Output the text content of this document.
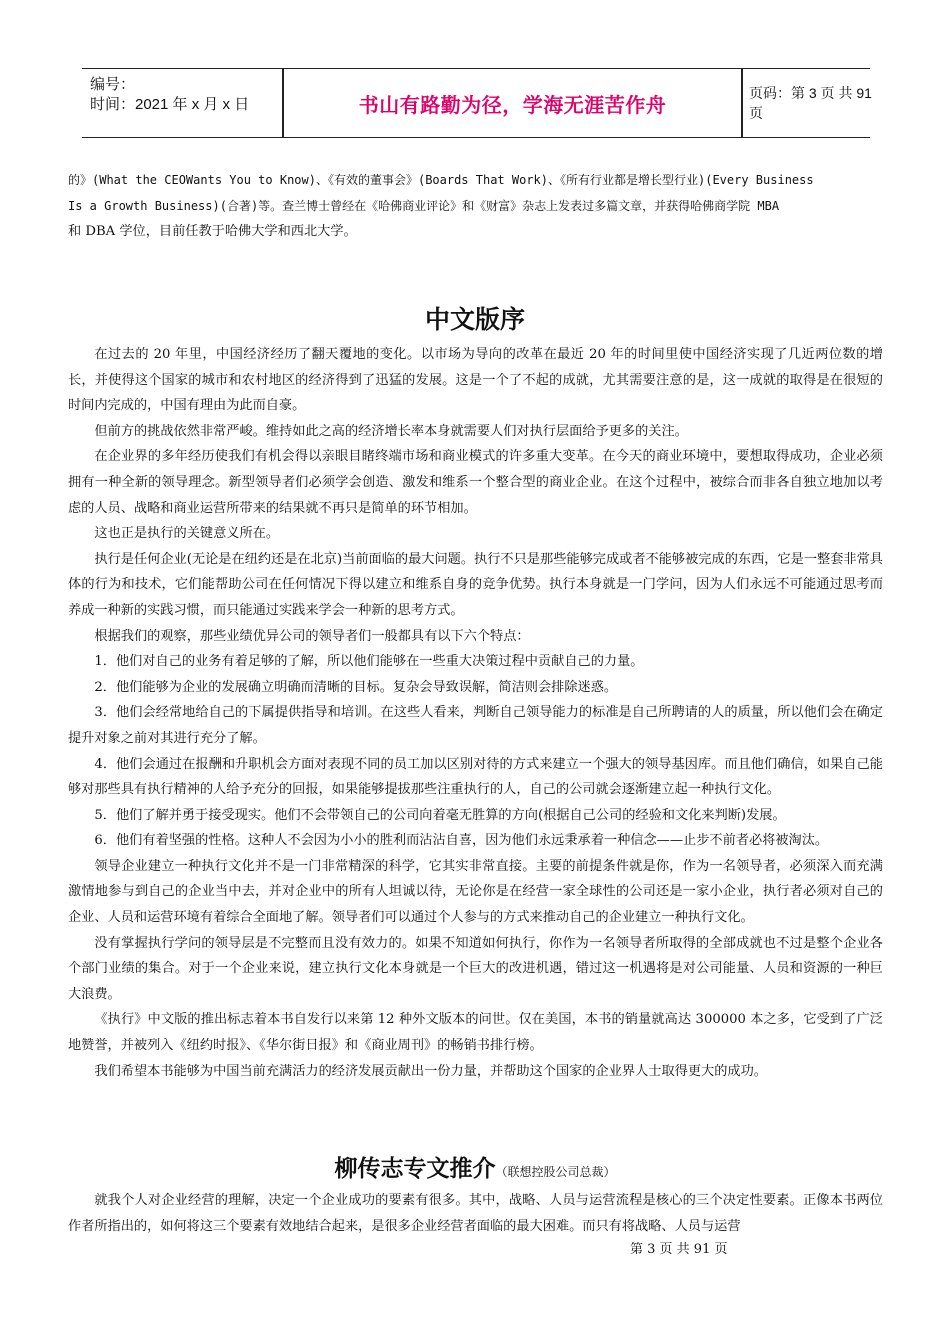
编号：
时间：2021 年 x 月 x 日	书山有路勤为径，学海无涯苦作舟
页码：第 3 页 共 91 页

的》(What the CEOWants You to Know)、《有效的董事会》(Boards That Work)、《所有行业都是增长型行业)(Every Business

Is a Growth Business)(合著)等。查兰博士曾经在《哈佛商业评论》和《财富》杂志上发表过多篇文章，并获得哈佛商学院 MBA

和 DBA 学位，目前任教于哈佛大学和西北大学。

中文版序

在过去的 20 年里，中国经济经历了翻天覆地的变化。以市场为导向的改革在最近 20 年的时间里使中国经济实现了几近两位数的增长，并使得这个国家的城市和农村地区的经济得到了迅猛的发展。这是一个了不起的成就，尤其需要注意的是，这一成就的取得是在很短的时间内完成的，中国有理由为此而自豪。

但前方的挑战依然非常严峻。维持如此之高的经济增长率本身就需要人们对执行层面给予更多的关注。

在企业界的多年经历使我们有机会得以亲眼目睹终端市场和商业模式的许多重大变革。在今天的商业环境中，要想取得成功，企业必须拥有一种全新的领导理念。新型领导者们必须学会创造、激发和维系一个整合型的商业企业。在这个过程中，被综合而非各自独立地加以考虑的人员、战略和商业运营所带来的结果就不再只是简单的环节相加。

这也正是执行的关键意义所在。

执行是任何企业(无论是在纽约还是在北京)当前面临的最大问题。执行不只是那些能够完成或者不能够被完成的东西，它是一整套非常具体的行为和技术，它们能帮助公司在任何情况下得以建立和维系自身的竞争优势。执行本身就是一门学问，因为人们永远不可能通过思考而养成一种新的实践习惯，而只能通过实践来学会一种新的思考方式。

根据我们的观察，那些业绩优异公司的领导者们一般都具有以下六个特点：

1．他们对自己的业务有着足够的了解，所以他们能够在一些重大决策过程中贡献自己的力量。

2．他们能够为企业的发展确立明确而清晰的目标。复杂会导致误解，简洁则会排除迷惑。

3．他们会经常地给自己的下属提供指导和培训。在这些人看来，判断自己领导能力的标准是自己所聘请的人的质量，所以他们会在确定提升对象之前对其进行充分了解。

4．他们会通过在报酬和升职机会方面对表现不同的员工加以区别对待的方式来建立一个强大的领导基因库。而且他们确信，如果自己能够对那些具有执行精神的人给予充分的回报，如果能够提拔那些注重执行的人，自己的公司就会逐渐建立起一种执行文化。

5．他们了解并勇于接受现实。他们不会带领自己的公司向着毫无胜算的方向(根据自己公司的经验和文化来判断)发展。

6．他们有着坚强的性格。这种人不会因为小小的胜利而沾沾自喜，因为他们永远秉承着一种信念——止步不前者必将被淘汰。

领导企业建立一种执行文化并不是一门非常精深的科学，它其实非常直接。主要的前提条件就是你，作为一名领导者，必须深入而充满激情地参与到自己的企业当中去，并对企业中的所有人坦诚以待，无论你是在经营一家全球性的公司还是一家小企业，执行者必须对自己的企业、人员和运营环境有着综合全面地了解。领导者们可以通过个人参与的方式来推动自己的企业建立一种执行文化。

没有掌握执行学问的领导层是不完整而且没有效力的。如果不知道如何执行，你作为一名领导者所取得的全部成就也不过是整个企业各个部门业绩的集合。对于一个企业来说，建立执行文化本身就是一个巨大的改进机遇，错过这一机遇将是对公司能量、人员和资源的一种巨大浪费。

《执行》中文版的推出标志着本书自发行以来第 12 种外文版本的问世。仅在美国，本书的销量就高达 300000 本之多，它受到了广泛地赞誉，并被列入《纽约时报》、《华尔街日报》和《商业周刊》的畅销书排行榜。

我们希望本书能够为中国当前充满活力的经济发展贡献出一份力量，并帮助这个国家的企业界人士取得更大的成功。

柳传志专文推介（联想控股公司总裁）

就我个人对企业经营的理解，决定一个企业成功的要素有很多。其中，战略、人员与运营流程是核心的三个决定性要素。正像本书两位作者所指出的，如何将这三个要素有效地结合起来，是很多企业经营者面临的最大困难。而只有将战略、人员与运营

第 3 页 共 91 页
